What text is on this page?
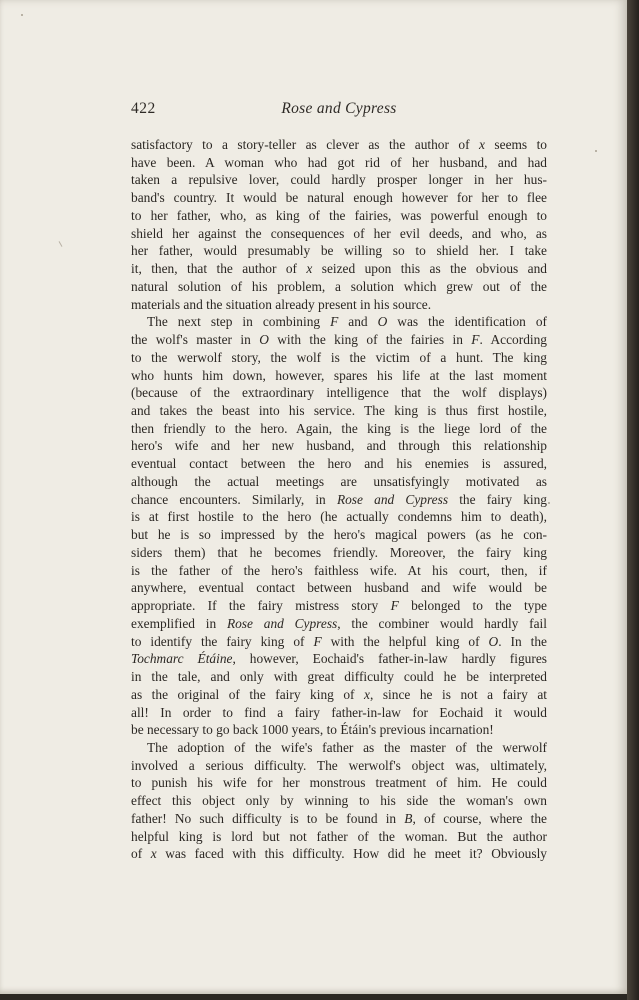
422	Rose and Cypress
satisfactory to a story-teller as clever as the author of x seems to
have been. A woman who had got rid of her husband, and had
taken a repulsive lover, could hardly prosper longer in her hus-
band's country. It would be natural enough however for her to flee
to her father, who, as king of the fairies, was powerful enough to
shield her against the consequences of her evil deeds, and who, as
her father, would presumably be willing so to shield her. I take
it, then, that the author of x seized upon this as the obvious and
natural solution of his problem, a solution which grew out of the
materials and the situation already present in his source.
The next step in combining F and O was the identification of
the wolf's master in O with the king of the fairies in F. According
to the werwolf story, the wolf is the victim of a hunt. The king
who hunts him down, however, spares his life at the last moment
(because of the extraordinary intelligence that the wolf displays)
and takes the beast into his service. The king is thus first hostile,
then friendly to the hero. Again, the king is the liege lord of the
hero's wife and her new husband, and through this relationship
eventual contact between the hero and his enemies is assured,
although the actual meetings are unsatisfyingly motivated as
chance encounters. Similarly, in Rose and Cypress the fairy king
is at first hostile to the hero (he actually condemns him to death),
but he is so impressed by the hero's magical powers (as he con-
siders them) that he becomes friendly. Moreover, the fairy king
is the father of the hero's faithless wife. At his court, then, if
anywhere, eventual contact between husband and wife would be
appropriate. If the fairy mistress story F belonged to the type
exemplified in Rose and Cypress, the combiner would hardly fail
to identify the fairy king of F with the helpful king of O. In the
Tochmarc Étáine, however, Eochaid's father-in-law hardly figures
in the tale, and only with great difficulty could he be interpreted
as the original of the fairy king of x, since he is not a fairy at
all! In order to find a fairy father-in-law for Eochaid it would
be necessary to go back 1000 years, to Étáin's previous incarnation!
The adoption of the wife's father as the master of the werwolf
involved a serious difficulty. The werwolf's object was, ultimately,
to punish his wife for her monstrous treatment of him. He could
effect this object only by winning to his side the woman's own
father! No such difficulty is to be found in B, of course, where the
helpful king is lord but not father of the woman. But the author
of x was faced with this difficulty. How did he meet it? Obviously
